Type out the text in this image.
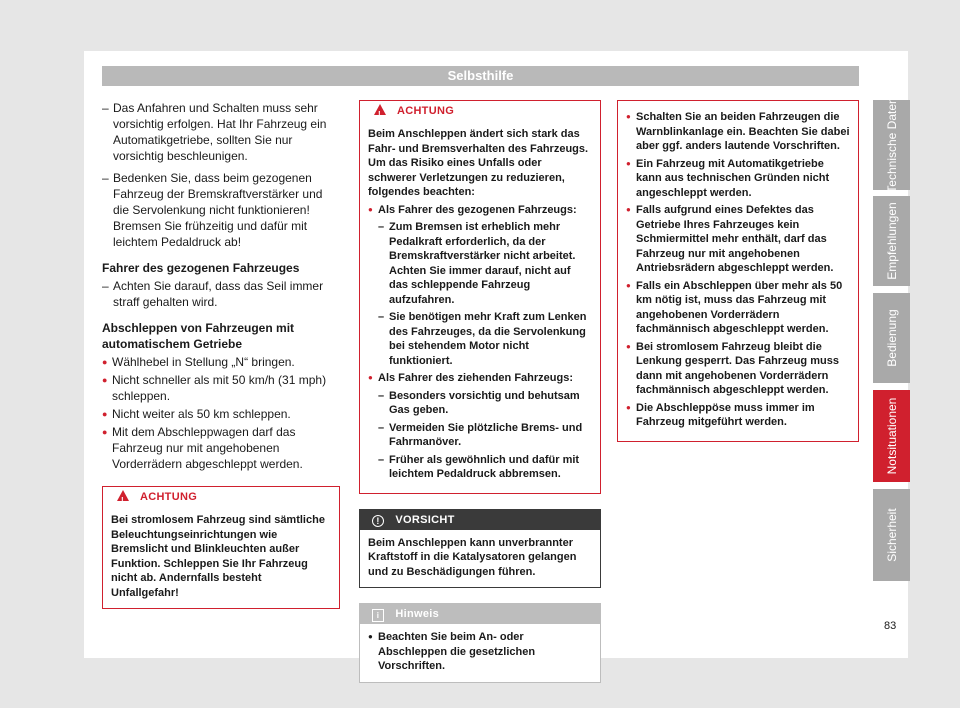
Selbsthilfe
– Das Anfahren und Schalten muss sehr vorsichtig erfolgen. Hat Ihr Fahrzeug ein Automatikgetriebe, sollten Sie nur vorsichtig beschleunigen.
– Bedenken Sie, dass beim gezogenen Fahrzeug der Bremskraftverstärker und die Servolenkung nicht funktionieren! Bremsen Sie frühzeitig und dafür mit leichtem Pedaldruck ab!
Fahrer des gezogenen Fahrzeuges
– Achten Sie darauf, dass das Seil immer straff gehalten wird.
Abschleppen von Fahrzeugen mit automatischem Getriebe
● Wählhebel in Stellung „N“ bringen.
● Nicht schneller als mit 50 km/h (31 mph) schleppen.
● Nicht weiter als 50 km schleppen.
● Mit dem Abschleppwagen darf das Fahrzeug nur mit angehobenen Vorderrädern abgeschleppt werden.
! ACHTUNG
Bei stromlosem Fahrzeug sind sämtliche Beleuchtungseinrichtungen wie Bremslicht und Blinkleuchten außer Funktion. Schleppen Sie Ihr Fahrzeug nicht ab. Andernfalls besteht Unfallgefahr!
! ACHTUNG
Beim Anschleppen ändert sich stark das Fahr- und Bremsverhalten des Fahrzeugs. Um das Risiko eines Unfalls oder schwerer Verletzungen zu reduzieren, folgendes beachten:
● Als Fahrer des gezogenen Fahrzeugs:
– Zum Bremsen ist erheblich mehr Pedalkraft erforderlich, da der Bremskraftverstärker nicht arbeitet. Achten Sie immer darauf, nicht auf das schleppende Fahrzeug aufzufahren.
– Sie benötigen mehr Kraft zum Lenken des Fahrzeuges, da die Servolenkung bei stehendem Motor nicht funktioniert.
● Als Fahrer des ziehenden Fahrzeugs:
– Besonders vorsichtig und behutsam Gas geben.
– Vermeiden Sie plötzliche Brems- und Fahrmanöver.
– Früher als gewöhnlich und dafür mit leichtem Pedaldruck abbremsen.
! VORSICHT
Beim Anschleppen kann unverbrannter Kraftstoff in die Katalysatoren gelangen und zu Beschädigungen führen.
i Hinweis
● Beachten Sie beim An- oder Abschleppen die gesetzlichen Vorschriften.
● Schalten Sie an beiden Fahrzeugen die Warnblinkanlage ein. Beachten Sie dabei aber ggf. anders lautende Vorschriften.
● Ein Fahrzeug mit Automatikgetriebe kann aus technischen Gründen nicht angeschleppt werden.
● Falls aufgrund eines Defektes das Getriebe Ihres Fahrzeuges kein Schmiermittel mehr enthält, darf das Fahrzeug nur mit angehobenen Antriebsrädern abgeschleppt werden.
● Falls ein Abschleppen über mehr als 50 km nötig ist, muss das Fahrzeug mit angehobenen Vorderrädern fachmännisch abgeschleppt werden.
● Bei stromlosem Fahrzeug bleibt die Lenkung gesperrt. Das Fahrzeug muss dann mit angehobenen Vorderrädern fachmännisch abgeschleppt werden.
● Die Abschleppöse muss immer im Fahrzeug mitgeführt werden.
Technische Daten
Empfehlungen
Bedienung
Notsituationen
Sicherheit
83
